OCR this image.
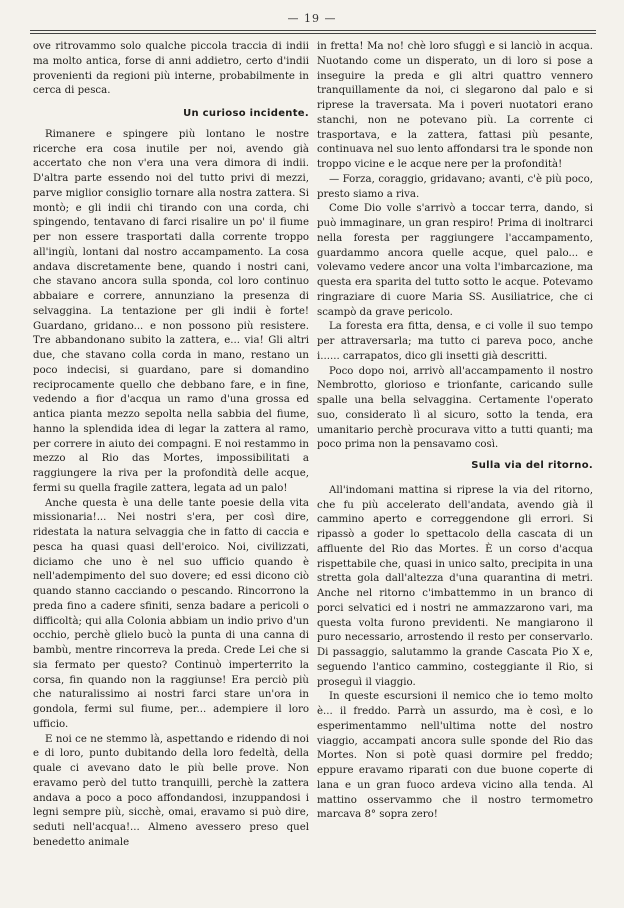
— 19 —

ove ritrovammo solo qualche piccola traccia di indii ma molto antica, forse di anni addietro, certo d'indii provenienti da regioni più interne, probabilmente in cerca di pesca.

Un curioso incidente.

Rimanere e spingere più lontano le nostre ricerche era cosa inutile per noi, avendo già accertato che non v'era una vera dimora di indii. D'altra parte essendo noi del tutto privi di mezzi, parve miglior consiglio tornare alla nostra zattera. Si montò; e gli indii chi tirando con una corda, chi spingendo, tentavano di farci risalire un po' il fiume per non essere trasportati dalla corrente troppo all'ingiù, lontani dal nostro accampamento. La cosa andava discretamente bene, quando i nostri cani, che stavano ancora sulla sponda, col loro continuo abbaiare e correre, annunziano la presenza di selvaggina. La tentazione per gli indii è forte! Guardano, gridano... e non possono più resistere. Tre abbandonano subito la zattera, e... via! Gli altri due, che stavano colla corda in mano, restano un poco indecisi, si guardano, pare si domandino reciprocamente quello che debbano fare, e in fine, vedendo a fior d'acqua un ramo d'una grossa ed antica pianta mezzo sepolta nella sabbia del fiume, hanno la splendida idea di legar la zattera al ramo, per correre in aiuto dei compagni. E noi restammo in mezzo al Rio das Mortes, impossibilitati a raggiungere la riva per la profondità delle acque, fermi su quella fragile zattera, legata ad un palo!

Anche questa è una delle tante poesie della vita missionaria!... Nei nostri s'era, per così dire, ridestata la natura selvaggia che in fatto di caccia e pesca ha quasi quasi dell'eroico. Noi, civilizzati, diciamo che uno è nel suo ufficio quando è nell'adempimento del suo dovere; ed essi dicono ciò quando stanno cacciando o pescando. Rincorrono la preda fino a cadere sfiniti, senza badare a pericoli o difficoltà; qui alla Colonia abbiam un indio privo d'un occhio, perchè glielo bucò la punta di una canna di bambù, mentre rincorreva la preda. Crede Lei che si sia fermato per questo? Continuò imperterrito la corsa, fin quando non la raggiunse! Era perciò più che naturalissimo ai nostri farci stare un'ora in gondola, fermi sul fiume, per... adempiere il loro ufficio.

E noi ce ne stemmo là, aspettando e ridendo di noi e di loro, punto dubitando della loro fedeltà, della quale ci avevano dato le più belle prove. Non eravamo però del tutto tranquilli, perchè la zattera andava a poco a poco affondandosi, inzuppandosi i legni sempre più, sicchè, omai, eravamo si può dire, seduti nell'acqua!... Almeno avessero preso quel benedetto animale

in fretta! Ma no! chè loro sfuggì e si lanciò in acqua. Nuotando come un disperato, un di loro si pose a inseguire la preda e gli altri quattro vennero tranquillamente da noi, ci slegarono dal palo e si riprese la traversata. Ma i poveri nuotatori erano stanchi, non ne potevano più. La corrente ci trasportava, e la zattera, fattasi più pesante, continuava nel suo lento affondarsi tra le sponde non troppo vicine e le acque nere per la profondità!

— Forza, coraggio, gridavano; avanti, c'è più poco, presto siamo a riva.

Come Dio volle s'arrivò a toccar terra, dando, si può immaginare, un gran respiro! Prima di inoltrarci nella foresta per raggiungere l'accampamento, guardammo ancora quelle acque, quel palo... e volevamo vedere ancor una volta l'imbarcazione, ma questa era sparita del tutto sotto le acque. Potevamo ringraziare di cuore Maria SS. Ausiliatrice, che ci scampò da grave pericolo.

La foresta era fitta, densa, e ci volle il suo tempo per attraversarla; ma tutto ci pareva poco, anche i...... carrapatos, dico gli insetti già descritti.

Poco dopo noi, arrivò all'accampamento il nostro Nembrotto, glorioso e trionfante, caricando sulle spalle una bella selvaggina. Certamente l'operato suo, considerato lì al sicuro, sotto la tenda, era umanitario perchè procurava vitto a tutti quanti; ma poco prima non la pensavamo così.

Sulla via del ritorno.

All'indomani mattina si riprese la via del ritorno, che fu più accelerato dell'andata, avendo già il cammino aperto e correggendone gli errori. Si ripassò a goder lo spettacolo della cascata di un affluente del Rio das Mortes. È un corso d'acqua rispettabile che, quasi in unico salto, precipita in una stretta gola dall'altezza d'una quarantina di metri. Anche nel ritorno c'imbattemmo in un branco di porci selvatici ed i nostri ne ammazzarono vari, ma questa volta furono previdenti. Ne mangiarono il puro necessario, arrostendo il resto per conservarlo. Di passaggio, salutammo la grande Cascata Pio X e, seguendo l'antico cammino, costeggiante il Rio, si proseguì il viaggio.

In queste escursioni il nemico che io temo molto è... il freddo. Parrà un assurdo, ma è così, e lo esperimentammo nell'ultima notte del nostro viaggio, accampati ancora sulle sponde del Rio das Mortes. Non si potè quasi dormire pel freddo; eppure eravamo riparati con due buone coperte di lana e un gran fuoco ardeva vicino alla tenda. Al mattino osservammo che il nostro termometro marcava 8° sopra zero!
